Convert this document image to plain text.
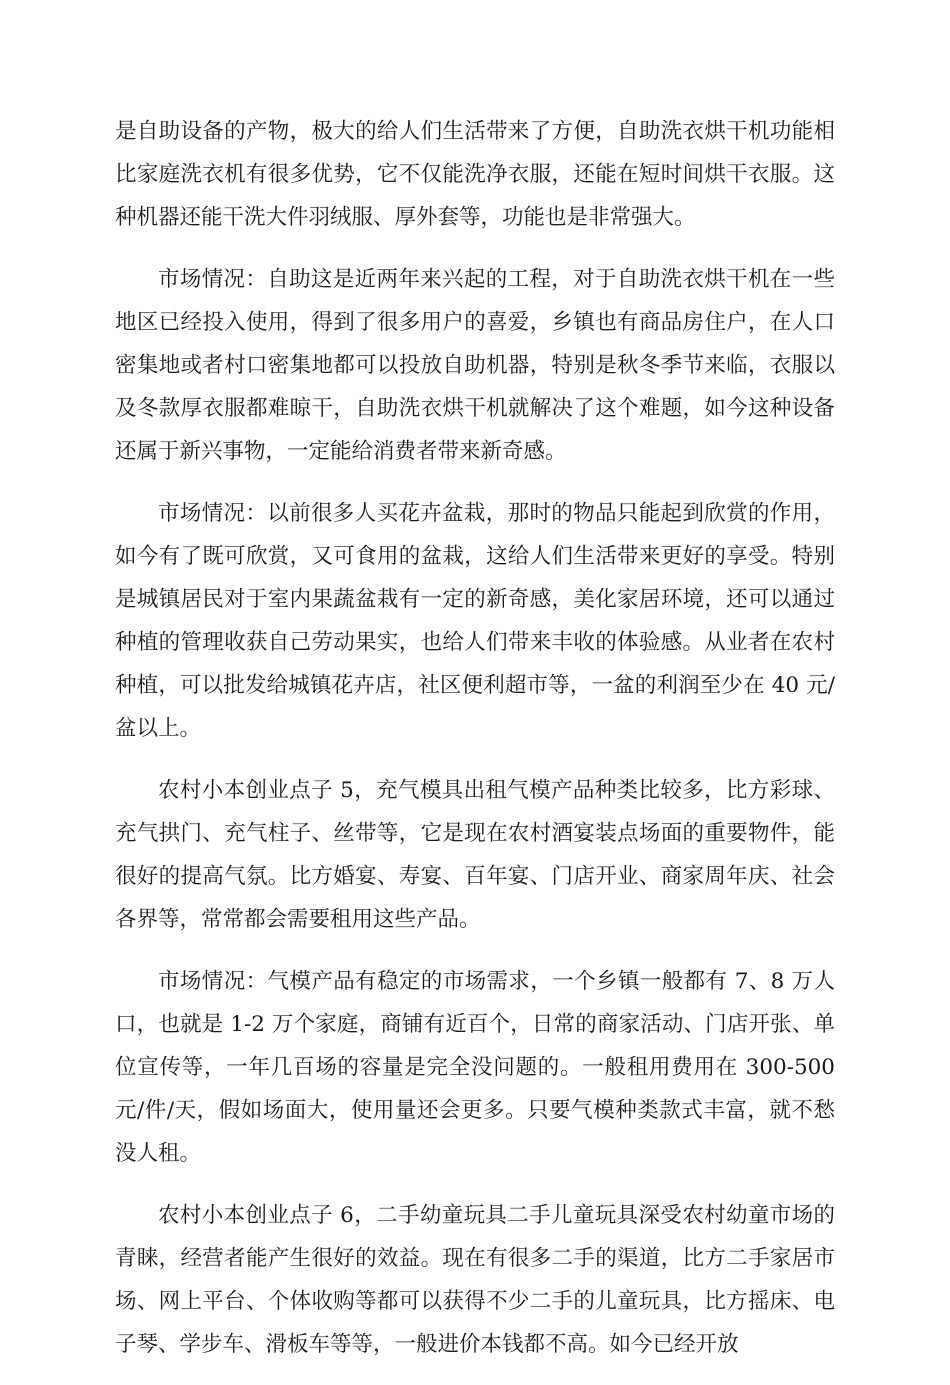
是自助设备的产物，极大的给人们生活带来了方便，自助洗衣烘干机功能相比家庭洗衣机有很多优势，它不仅能洗净衣服，还能在短时间烘干衣服。这种机器还能干洗大件羽绒服、厚外套等，功能也是非常强大。

市场情况：自助这是近两年来兴起的工程，对于自助洗衣烘干机在一些地区已经投入使用，得到了很多用户的喜爱，乡镇也有商品房住户，在人口密集地或者村口密集地都可以投放自助机器，特别是秋冬季节来临，衣服以及冬款厚衣服都难晾干，自助洗衣烘干机就解决了这个难题，如今这种设备还属于新兴事物，一定能给消费者带来新奇感。

市场情况：以前很多人买花卉盆栽，那时的物品只能起到欣赏的作用，如今有了既可欣赏，又可食用的盆栽，这给人们生活带来更好的享受。特别是城镇居民对于室内果蔬盆栽有一定的新奇感，美化家居环境，还可以通过种植的管理收获自己劳动果实，也给人们带来丰收的体验感。从业者在农村种植，可以批发给城镇花卉店，社区便利超市等，一盆的利润至少在 40 元/盆以上。

农村小本创业点子 5，充气模具出租气模产品种类比较多，比方彩球、充气拱门、充气柱子、丝带等，它是现在农村酒宴装点场面的重要物件，能很好的提高气氛。比方婚宴、寿宴、百年宴、门店开业、商家周年庆、社会各界等，常常都会需要租用这些产品。

市场情况：气模产品有稳定的市场需求，一个乡镇一般都有 7、8 万人口，也就是 1-2 万个家庭，商铺有近百个，日常的商家活动、门店开张、单位宣传等，一年几百场的容量是完全没问题的。一般租用费用在 300-500 元/件/天，假如场面大，使用量还会更多。只要气模种类款式丰富，就不愁没人租。

农村小本创业点子 6，二手幼童玩具二手儿童玩具深受农村幼童市场的青睐，经营者能产生很好的效益。现在有很多二手的渠道，比方二手家居市场、网上平台、个体收购等都可以获得不少二手的儿童玩具，比方摇床、电子琴、学步车、滑板车等等，一般进价本钱都不高。如今已经开放
